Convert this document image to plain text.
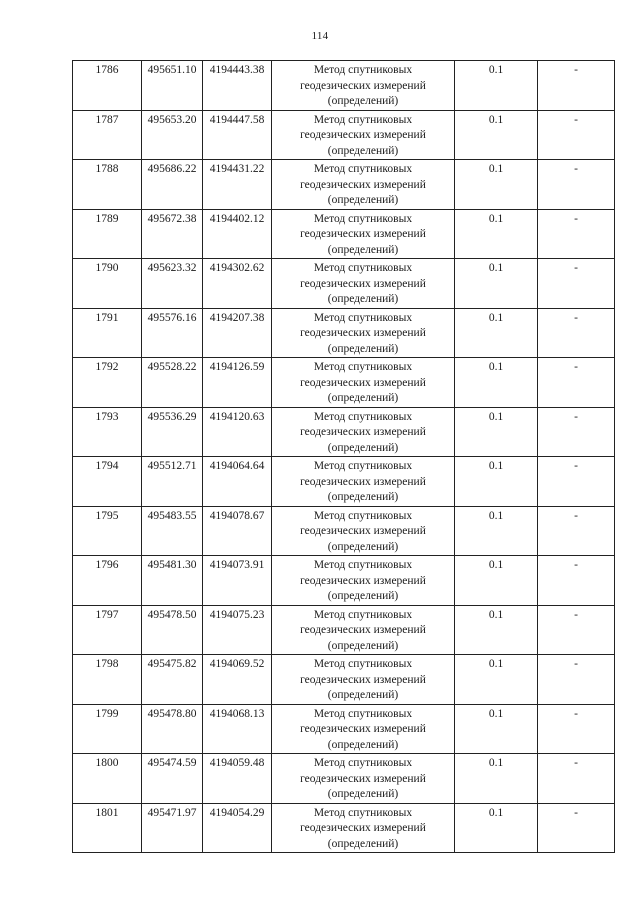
114
1786	495651.10	4194443.38	Метод спутниковых
геодезических измерений
(определений)	0.1	-
1787	495653.20	4194447.58	Метод спутниковых
геодезических измерений
(определений)	0.1	-
1788	495686.22	4194431.22	Метод спутниковых
геодезических измерений
(определений)	0.1	-
1789	495672.38	4194402.12	Метод спутниковых
геодезических измерений
(определений)	0.1	-
1790	495623.32	4194302.62	Метод спутниковых
геодезических измерений
(определений)	0.1	-
1791	495576.16	4194207.38	Метод спутниковых
геодезических измерений
(определений)	0.1	-
1792	495528.22	4194126.59	Метод спутниковых
геодезических измерений
(определений)	0.1	-
1793	495536.29	4194120.63	Метод спутниковых
геодезических измерений
(определений)	0.1	-
1794	495512.71	4194064.64	Метод спутниковых
геодезических измерений
(определений)	0.1	-
1795	495483.55	4194078.67	Метод спутниковых
геодезических измерений
(определений)	0.1	-
1796	495481.30	4194073.91	Метод спутниковых
геодезических измерений
(определений)	0.1	-
1797	495478.50	4194075.23	Метод спутниковых
геодезических измерений
(определений)	0.1	-
1798	495475.82	4194069.52	Метод спутниковых
геодезических измерений
(определений)	0.1	-
1799	495478.80	4194068.13	Метод спутниковых
геодезических измерений
(определений)	0.1	-
1800	495474.59	4194059.48	Метод спутниковых
геодезических измерений
(определений)	0.1	-
1801	495471.97	4194054.29	Метод спутниковых
геодезических измерений
(определений)	0.1	-
